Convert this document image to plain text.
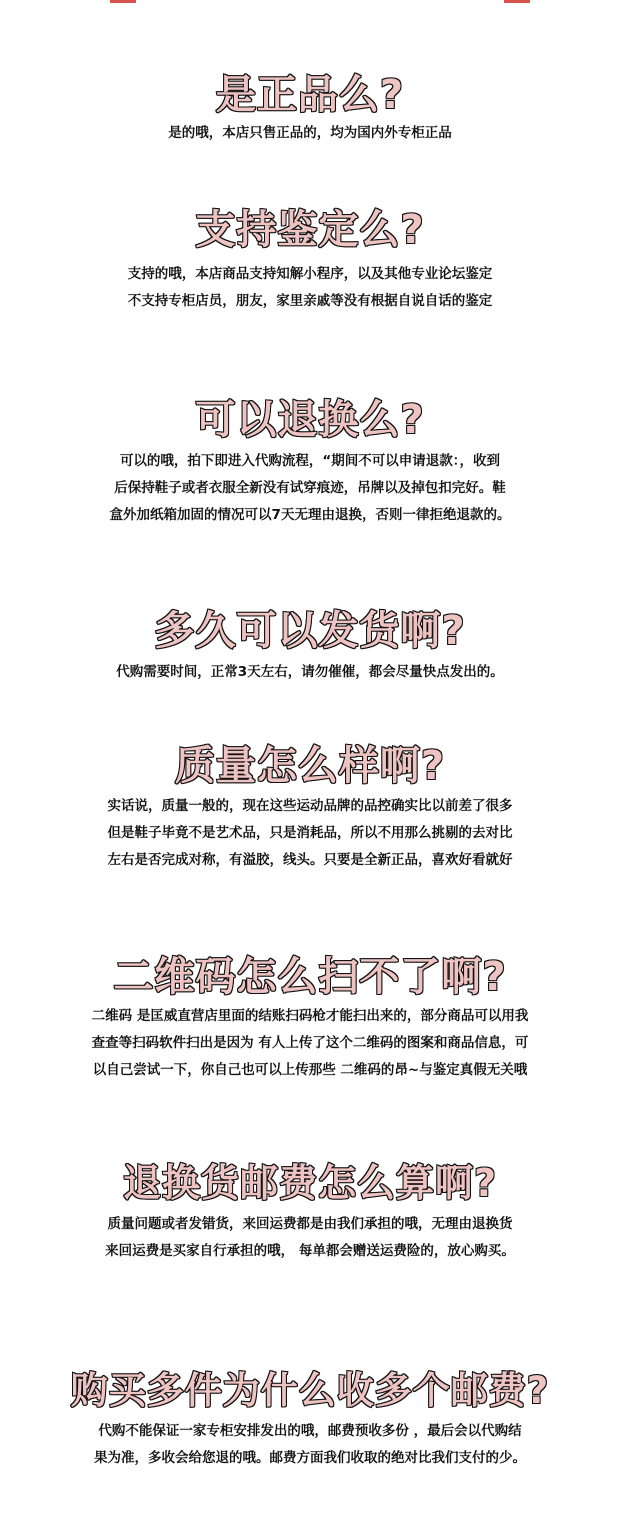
是正品么?
是的哦，本店只售正品的，均为国内外专柜正品
支持鉴定么?
支持的哦，本店商品支持知解小程序，以及其他专业论坛鉴定
不支持专柜店员，朋友，家里亲戚等没有根据自说自话的鉴定
可以退换么?
可以的哦，拍下即进入代购流程，“期间不可以申请退款：，收到
后保持鞋子或者衣服全新没有试穿痕迹，吊牌以及掉包扣完好。鞋
盒外加纸箱加固的情况可以7天无理由退换，否则一律拒绝退款的。
多久可以发货啊?
代购需要时间，正常3天左右，请勿催催，都会尽量快点发出的。
质量怎么样啊?
实话说，质量一般的，现在这些运动品牌的品控确实比以前差了很多
但是鞋子毕竟不是艺术品，只是消耗品，所以不用那么挑剔的去对比
左右是否完成对称，有溢胶，线头。只要是全新正品，喜欢好看就好
二维码怎么扫不了啊?
二维码 是匡威直营店里面的结账扫码枪才能扫出来的，部分商品可以用我
查查等扫码软件扫出是因为 有人上传了这个二维码的图案和商品信息，可
以自己尝试一下，你自己也可以上传那些 二维码的昂~与鉴定真假无关哦
退换货邮费怎么算啊?
质量问题或者发错货，来回运费都是由我们承担的哦，无理由退换货
来回运费是买家自行承担的哦， 每单都会赠送运费险的，放心购买。
购买多件为什么收多个邮费?
代购不能保证一家专柜安排发出的哦，邮费预收多份 ，最后会以代购结
果为准，多收会给您退的哦。邮费方面我们收取的绝对比我们支付的少。
